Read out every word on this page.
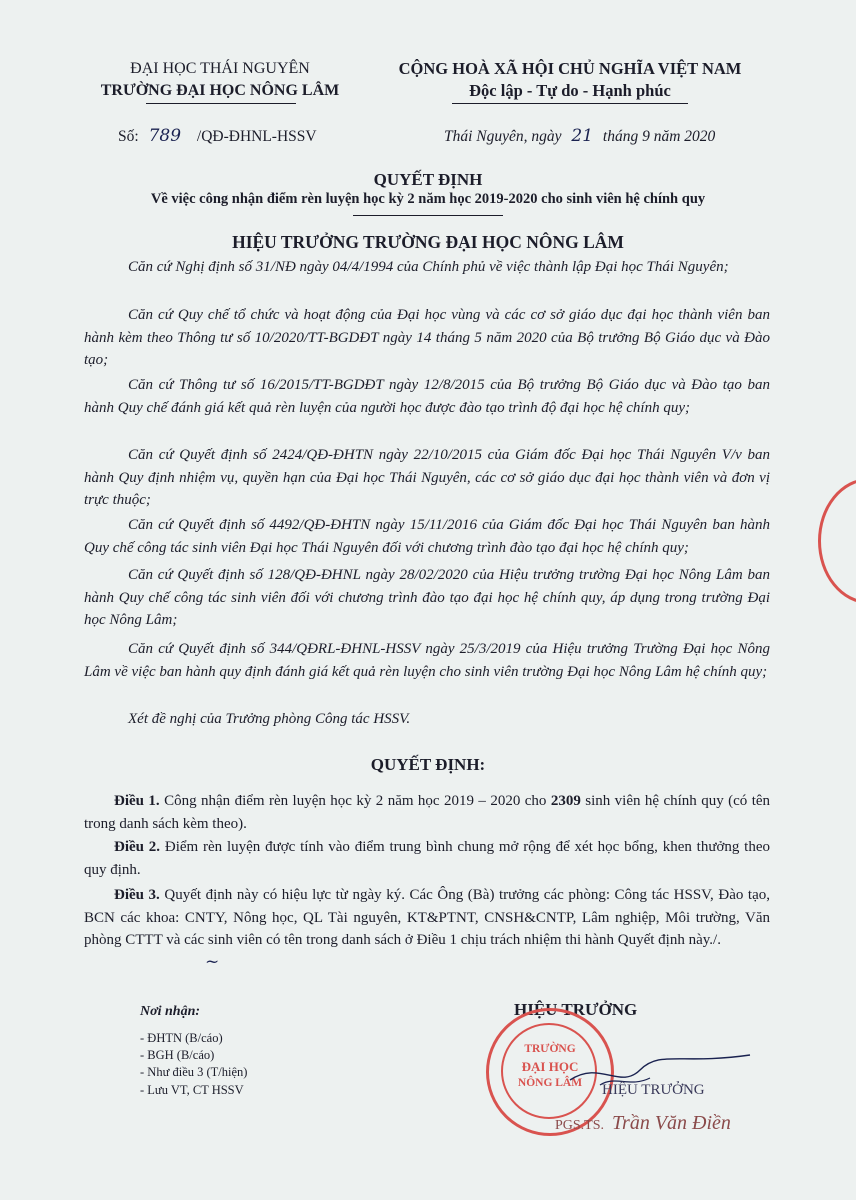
ĐẠI HỌC THÁI NGUYÊN
TRƯỜNG ĐẠI HỌC NÔNG LÂM
CỘNG HOÀ XÃ HỘI CHỦ NGHĨA VIỆT NAM
Độc lập - Tự do - Hạnh phúc
Số: 789 /QĐ-ĐHNL-HSSV	Thái Nguyên, ngày 21 tháng 9 năm 2020
QUYẾT ĐỊNH
Về việc công nhận điểm rèn luyện học kỳ 2 năm học 2019-2020 cho sinh viên hệ chính quy
HIỆU TRƯỞNG TRƯỜNG ĐẠI HỌC NÔNG LÂM
Căn cứ Nghị định số 31/NĐ ngày 04/4/1994 của Chính phủ về việc thành lập Đại học Thái Nguyên;
Căn cứ Quy chế tổ chức và hoạt động của Đại học vùng và các cơ sở giáo dục đại học thành viên ban hành kèm theo Thông tư số 10/2020/TT-BGDĐT ngày 14 tháng 5 năm 2020 của Bộ trưởng Bộ Giáo dục và Đào tạo;
Căn cứ Thông tư số 16/2015/TT-BGDĐT ngày 12/8/2015 của Bộ trưởng Bộ Giáo dục và Đào tạo ban hành Quy chế đánh giá kết quả rèn luyện của người học được đào tạo trình độ đại học hệ chính quy;
Căn cứ Quyết định số 2424/QĐ-ĐHTN ngày 22/10/2015 của Giám đốc Đại học Thái Nguyên V/v ban hành Quy định nhiệm vụ, quyền hạn của Đại học Thái Nguyên, các cơ sở giáo dục đại học thành viên và đơn vị trực thuộc;
Căn cứ Quyết định số 4492/QĐ-ĐHTN ngày 15/11/2016 của Giám đốc Đại học Thái Nguyên ban hành Quy chế công tác sinh viên Đại học Thái Nguyên đối với chương trình đào tạo đại học hệ chính quy;
Căn cứ Quyết định số 128/QĐ-ĐHNL ngày 28/02/2020 của Hiệu trưởng trường Đại học Nông Lâm ban hành Quy chế công tác sinh viên đối với chương trình đào tạo đại học hệ chính quy, áp dụng trong trường Đại học Nông Lâm;
Căn cứ Quyết định số 344/QĐRL-ĐHNL-HSSV ngày 25/3/2019 của Hiệu trưởng Trường Đại học Nông Lâm về việc ban hành quy định đánh giá kết quả rèn luyện cho sinh viên trường Đại học Nông Lâm hệ chính quy;
Xét đề nghị của Trưởng phòng Công tác HSSV.
QUYẾT ĐỊNH:
Điều 1. Công nhận điểm rèn luyện học kỳ 2 năm học 2019 – 2020 cho 2309 sinh viên hệ chính quy (có tên trong danh sách kèm theo).
Điều 2. Điểm rèn luyện được tính vào điểm trung bình chung mở rộng để xét học bổng, khen thưởng theo quy định.
Điều 3. Quyết định này có hiệu lực từ ngày ký. Các Ông (Bà) trưởng các phòng: Công tác HSSV, Đào tạo, BCN các khoa: CNTY, Nông học, QL Tài nguyên, KT&PTNT, CNSH&CNTP, Lâm nghiệp, Môi trường, Văn phòng CTTT và các sinh viên có tên trong danh sách ở Điều 1 chịu trách nhiệm thi hành Quyết định này./.
Nơi nhận:
- ĐHTN (B/cáo)
- BGH (B/cáo)
- Như điều 3 (T/hiện)
- Lưu VT, CT HSSV
HIỆU TRƯỞNG
TRƯỜNG
ĐẠI HỌC
NÔNG LÂM	HIỆU TRƯỞNG
PGS.TS. Trần Văn Điền
~
